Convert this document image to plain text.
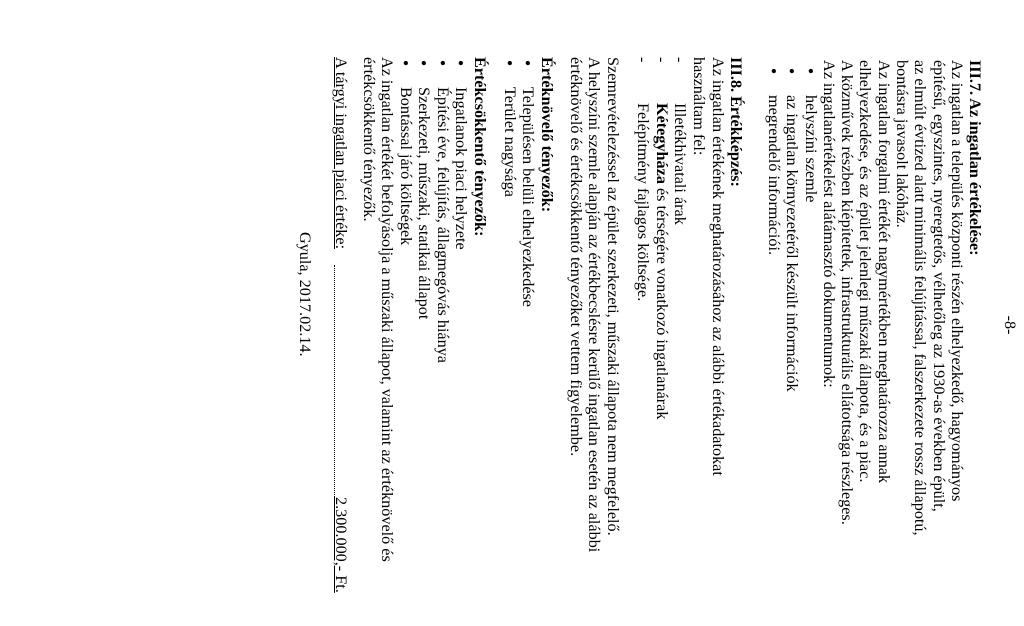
-8-
III.7. Az ingatlan értékelése:
Az ingatlan a település központi részén elhelyezkedő, hagyományos
építésű, egyszintes, nyeregtetős, vélhetőleg az 1930-as években épült,
az elmúlt évtized alatt minimális felújítással, falszerkezete rossz állapotú,
bontásra javasolt lakóház.
Az ingatlan forgalmi értékét nagymértékben meghatározza annak
elhelyezkedése, és az épület jelenlegi műszaki állapota, és a piac.
A közművek részben kiépítettek, infrastrukturális ellátottsága részleges.
Az ingatlanértékelést alátámasztó dokumentumok:
● helyszíni szemle
● az ingatlan környezetéről készült információk
● megrendelő információi.
III.8. Értékképzés:
Az ingatlan értékének meghatározásához az alábbi értékadatokat
használtam fel:
- Illetékhivatali árak
- Kétegyháza és térségére vonatkozó ingatlanárak
- Felépítmény fajlagos költsége.
Szemrevételezéssel az épület szerkezeti, műszaki állapota nem megfelelő.
A helyszíni szemle alapján az értékbecslésre kerülő ingatlan esetén az alábbi
értéknövelő és értékcsökkentő tényezőket vettem figyelembe.
Értéknövelő tényezők:
● Településen belüli elhelyezkedése
● Terület nagysága
Értékcsökkentő tényezők:
● Ingatlanok piaci helyzete
● Építési éve, felújítás, állagmegóvás hiánya
● Szerkezeti, műszaki, statikai állapot
● Bontással járó költségek
Az ingatlan értékét befolyásolja a műszaki állapot, valamint az értéknövelő és
értékcsökkentő tényezők.
A tárgyi ingatlan piaci értéke:
2.300.000,- Ft.
Gyula, 2017.02.14.
